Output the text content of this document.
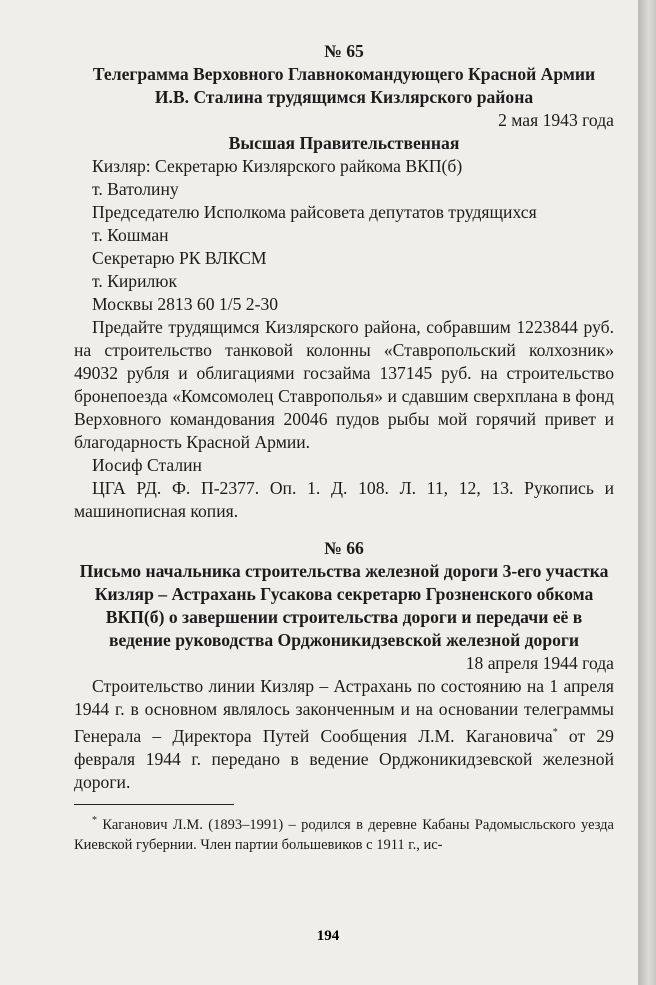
№ 65

Телеграмма Верховного Главнокомандующего Красной Армии И.В. Сталина трудящимся Кизлярского района

2 мая 1943 года

Высшая Правительственная

Кизляр: Секретарю Кизлярского райкома ВКП(б)

т. Ватолину

Председателю Исполкома райсовета депутатов трудящихся

т. Кошман

Секретарю РК ВЛКСМ

т. Кирилюк

Москвы 2813 60 1/5 2-30

Предайте трудящимся Кизлярского района, собравшим 1223844 руб. на строительство танковой колонны «Ставропольский колхозник» 49032 рубля и облигациями госзайма 137145 руб. на строительство бронепоезда «Комсомолец Ставрополья» и сдавшим сверхплана в фонд Верховного командования 20046 пудов рыбы мой горячий привет и благодарность Красной Армии.

Иосиф Сталин

ЦГА РД. Ф. П-2377. Оп. 1. Д. 108. Л. 11, 12, 13. Рукопись и машинописная копия.

№ 66

Письмо начальника строительства железной дороги 3-его участка Кизляр – Астрахань Гусакова секретарю Грозненского обкома ВКП(б) о завершении строительства дороги и передачи её в ведение руководства Орджоникидзевской железной дороги

18 апреля 1944 года

Строительство линии Кизляр – Астрахань по состоянию на 1 апреля 1944 г. в основном являлось законченным и на основании телеграммы Генерала – Директора Путей Сообщения Л.М. Кагановича* от 29 февраля 1944 г. передано в ведение Орджоникидзевской железной дороги.

* Каганович Л.М. (1893–1991) – родился в деревне Кабаны Радомысльского уезда Киевской губернии. Член партии большевиков с 1911 г., ис-

194
